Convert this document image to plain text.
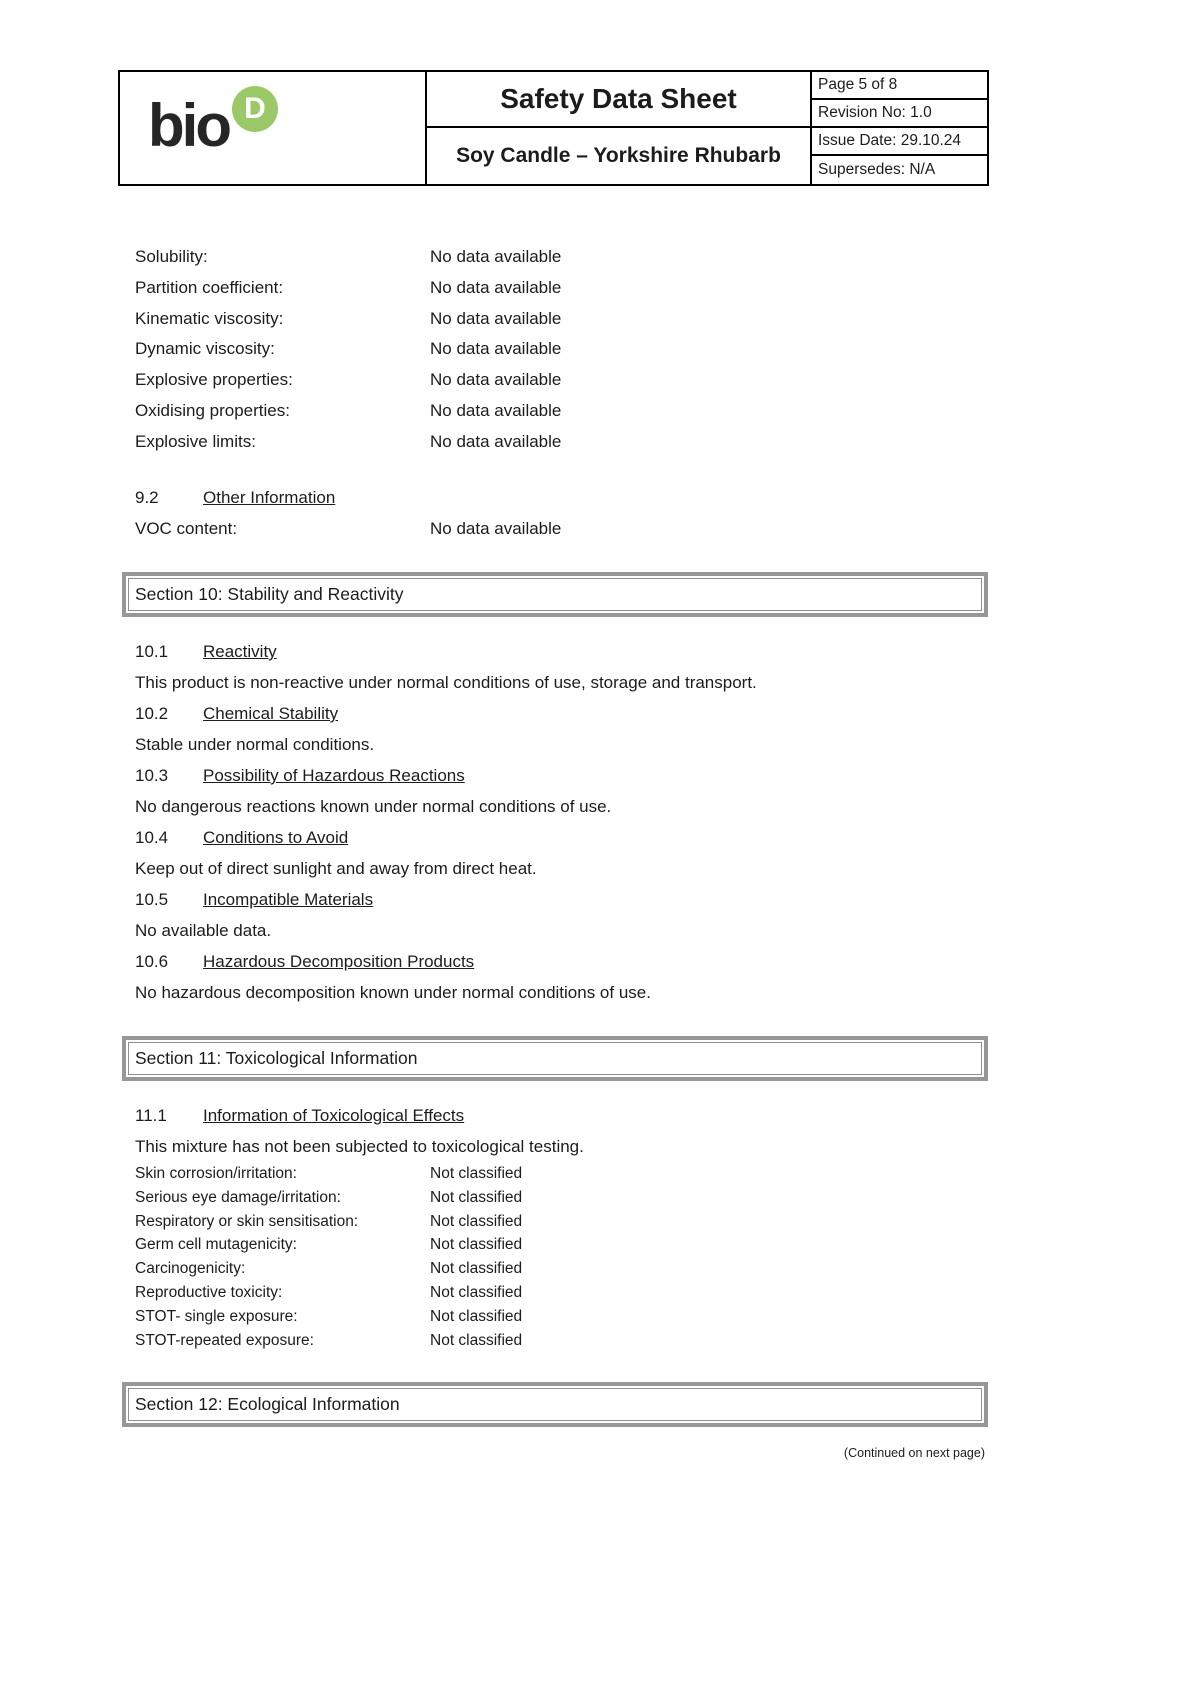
bio D	Safety Data Sheet
Soy Candle – Yorkshire Rhubarb
Page 5 of 8
Revision No: 1.0
Issue Date: 29.10.24
Supersedes: N/A
Solubility:	No data available
Partition coefficient:	No data available
Kinematic viscosity:	No data available
Dynamic viscosity:	No data available
Explosive properties:	No data available
Oxidising properties:	No data available
Explosive limits:	No data available
9.2	Other Information
VOC content:	No data available
Section 10: Stability and Reactivity
10.1 Reactivity
This product is non-reactive under normal conditions of use, storage and transport.
10.2 Chemical Stability
Stable under normal conditions.
10.3 Possibility of Hazardous Reactions
No dangerous reactions known under normal conditions of use.
10.4 Conditions to Avoid
Keep out of direct sunlight and away from direct heat.
10.5 Incompatible Materials
No available data.
10.6 Hazardous Decomposition Products
No hazardous decomposition known under normal conditions of use.
Section 11: Toxicological Information
11.1 Information of Toxicological Effects
This mixture has not been subjected to toxicological testing.
Skin corrosion/irritation:	Not classified
Serious eye damage/irritation:	Not classified
Respiratory or skin sensitisation:	Not classified
Germ cell mutagenicity:	Not classified
Carcinogenicity:	Not classified
Reproductive toxicity:	Not classified
STOT- single exposure:	Not classified
STOT-repeated exposure:	Not classified
Section 12: Ecological Information
(Continued on next page)
